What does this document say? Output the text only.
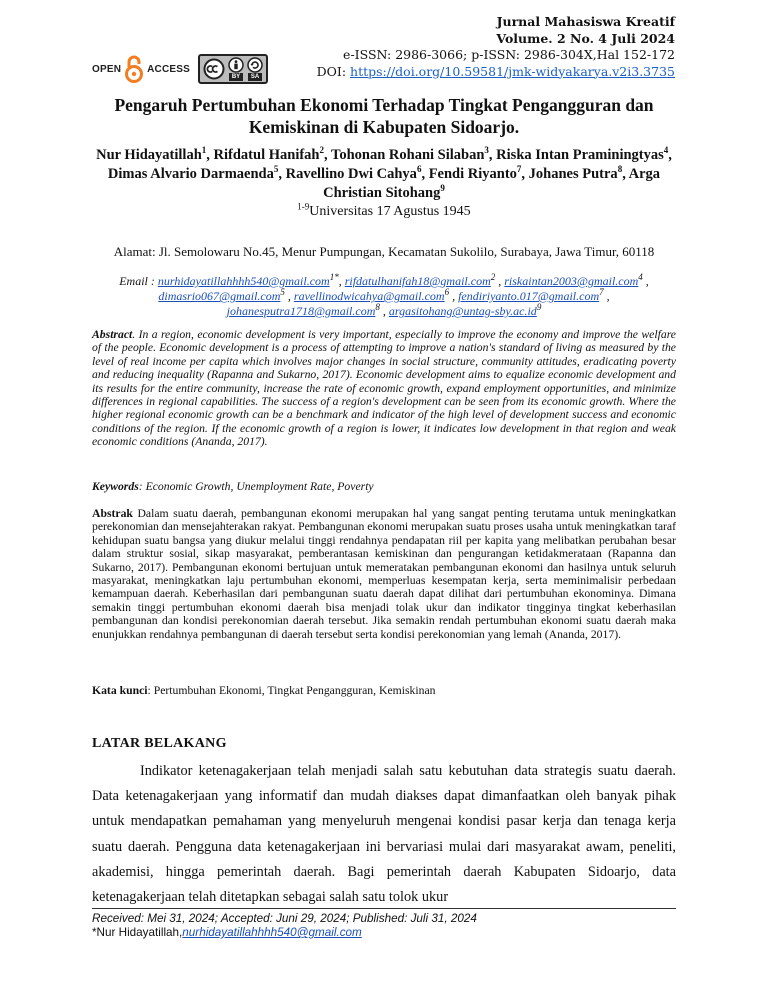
OPEN	ACCESS
BY	SA
Jurnal Mahasiswa Kreatif
Volume. 2 No. 4 Juli 2024
e-ISSN: 2986-3066; p-ISSN: 2986-304X,Hal 152-172
DOI: https://doi.org/10.59581/jmk-widyakarya.v2i3.3735
Pengaruh Pertumbuhan Ekonomi Terhadap Tingkat Pengangguran dan Kemiskinan di Kabupaten Sidoarjo.
Nur Hidayatillah$^1$, Rifdatul Hanifah$^2$, Tohonan Rohani Silaban$^3$, Riska Intan Praminingtyas$^4$, Dimas Alvario Darmaenda$^5$, Ravellino Dwi Cahya$^6$, Fendi Riyanto$^7$, Johanes Putra$^8$, Arga Christian Sitohang$^9$
$^{1-9}$Universitas 17 Agustus 1945
Alamat: Jl. Semolowaru No.45, Menur Pumpungan, Kecamatan Sukolilo, Surabaya, Jawa Timur, 60118
Email : nurhidayatillahhhh540@gmail.com$^{1*}$, rifdatulhanifah18@gmail.com$^2$ , riskaintan2003@gmail.com$^4$ , dimasrio067@gmail.com$^5$ , ravellinodwicahya@gmail.com$^6$ , fendiriyanto.017@gmail.com$^7$ , johanesputra1718@gmail.com$^8$ , $argasitohang@untag-sby.ac.id^9$
Abstract. In a region, economic development is very important, especially to improve the economy and improve the welfare of the people. Economic development is a process of attempting to improve a nation's standard of living as measured by the level of real income per capita which involves major changes in social structure, community attitudes, eradicating poverty and reducing inequality (Rapanna and Sukarno, 2017). Economic development aims to equalize economic development and its results for the entire community, increase the rate of economic growth, expand employment opportunities, and minimize differences in regional capabilities. The success of a region's development can be seen from its economic growth. Where the higher regional economic growth can be a benchmark and indicator of the high level of development success and economic conditions of the region. If the economic growth of a region is lower, it indicates low development in that region and weak economic conditions (Ananda, 2017).
Keywords: Economic Growth, Unemployment Rate, Poverty
Abstrak Dalam suatu daerah, pembangunan ekonomi merupakan hal yang sangat penting terutama untuk meningkatkan perekonomian dan mensejahterakan rakyat. Pembangunan ekonomi merupakan suatu proses usaha untuk meningkatkan taraf kehidupan suatu bangsa yang diukur melalui tinggi rendahnya pendapatan riil per kapita yang melibatkan perubahan besar dalam struktur sosial, sikap masyarakat, pemberantasan kemiskinan dan pengurangan ketidakmerataan (Rapanna dan Sukarno, 2017). Pembangunan ekonomi bertujuan untuk memeratakan pembangunan ekonomi dan hasilnya untuk seluruh masyarakat, meningkatkan laju pertumbuhan ekonomi, memperluas kesempatan kerja, serta meminimalisir perbedaan kemampuan daerah. Keberhasilan dari pembangunan suatu daerah dapat dilihat dari pertumbuhan ekonominya. Dimana semakin tinggi pertumbuhan ekonomi daerah bisa menjadi tolak ukur dan indikator tingginya tingkat keberhasilan pembangunan dan kondisi perekonomian daerah tersebut. Jika semakin rendah pertumbuhan ekonomi suatu daerah maka enunjukkan rendahnya pembangunan di daerah tersebut serta kondisi perekonomian yang lemah (Ananda, 2017).
Kata kunci: Pertumbuhan Ekonomi, Tingkat Pengangguran, Kemiskinan
LATAR BELAKANG

Indikator ketenagakerjaan telah menjadi salah satu kebutuhan data strategis suatu daerah. Data ketenagakerjaan yang informatif dan mudah diakses dapat dimanfaatkan oleh banyak pihak untuk mendapatkan pemahaman yang menyeluruh mengenai kondisi pasar kerja dan tenaga kerja suatu daerah. Pengguna data ketenagakerjaan ini bervariasi mulai dari masyarakat awam, peneliti, akademisi, hingga pemerintah daerah. Bagi pemerintah daerah Kabupaten Sidoarjo, data ketenagakerjaan telah ditetapkan sebagai salah satu tolok ukur

Received: Mei 31, 2024; Accepted: Juni 29, 2024; Published: Juli 31, 2024
*Nur Hidayatillah,nurhidayatillahhhh540@gmail.com
